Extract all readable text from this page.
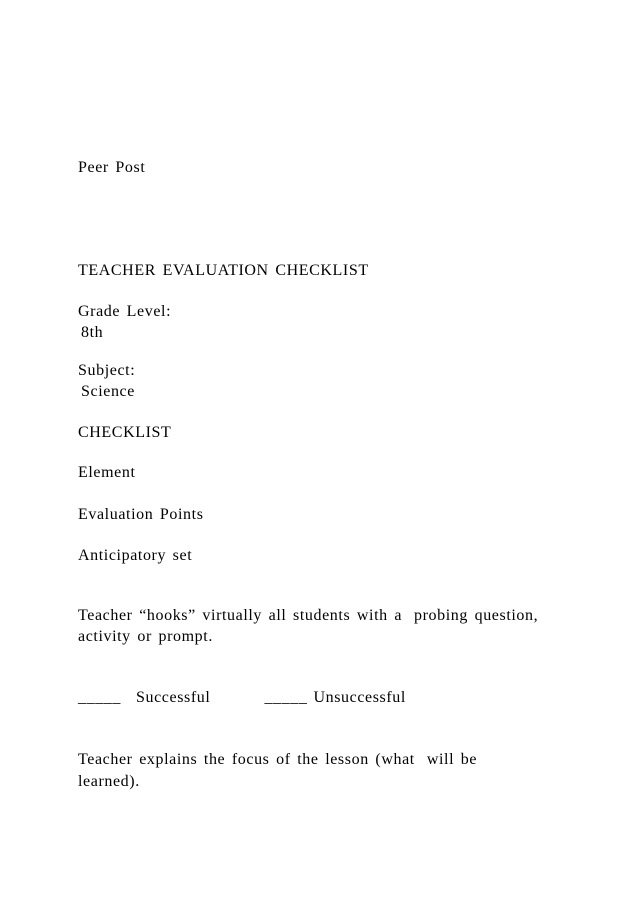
Peer Post
TEACHER EVALUATION CHECKLIST
Grade Level:
8th
Subject:
Science
CHECKLIST
Element
Evaluation Points
Anticipatory set
Teacher “hooks” virtually all students with a probing question,
activity or prompt.
_____ Successful	_____ Unsuccessful
Teacher explains the focus of the lesson (what will be
learned).
